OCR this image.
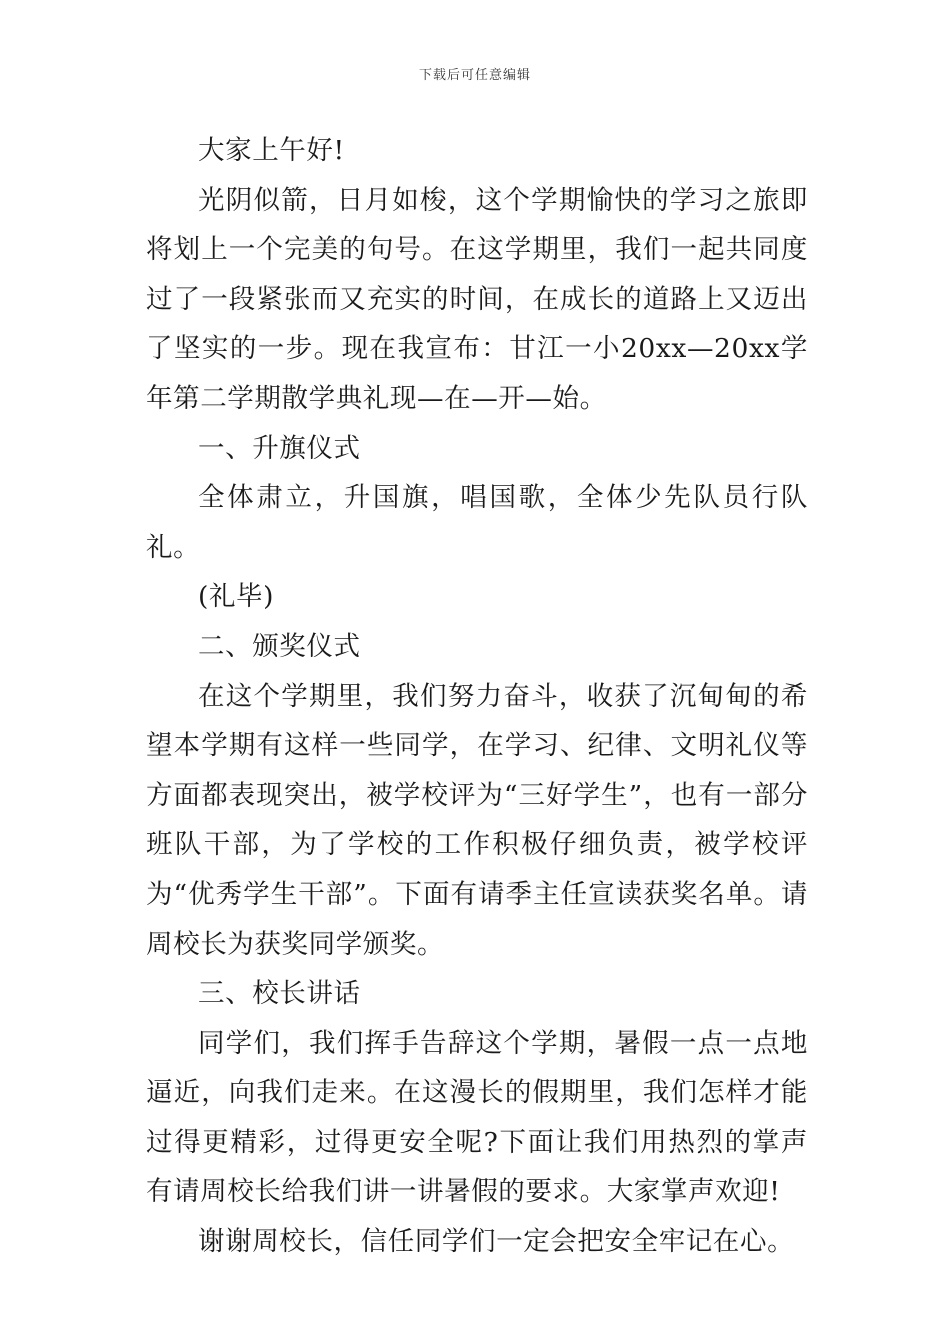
下载后可任意编辑

大家上午好!

光阴似箭，日月如梭，这个学期愉快的学习之旅即将划上一个完美的句号。在这学期里，我们一起共同度过了一段紧张而又充实的时间，在成长的道路上又迈出了坚实的一步。现在我宣布：甘江一小20xx—20xx学年第二学期散学典礼现—在—开—始。

一、升旗仪式

全体肃立，升国旗，唱国歌，全体少先队员行队礼。

(礼毕)

二、颁奖仪式

在这个学期里，我们努力奋斗，收获了沉甸甸的希望本学期有这样一些同学，在学习、纪律、文明礼仪等方面都表现突出，被学校评为“三好学生”，也有一部分班队干部，为了学校的工作积极仔细负责，被学校评为“优秀学生干部”。下面有请季主任宣读获奖名单。请周校长为获奖同学颁奖。

三、校长讲话

同学们，我们挥手告辞这个学期，暑假一点一点地逼近，向我们走来。在这漫长的假期里，我们怎样才能过得更精彩，过得更安全呢?下面让我们用热烈的掌声有请周校长给我们讲一讲暑假的要求。大家掌声欢迎!

谢谢周校长，信任同学们一定会把安全牢记在心。
